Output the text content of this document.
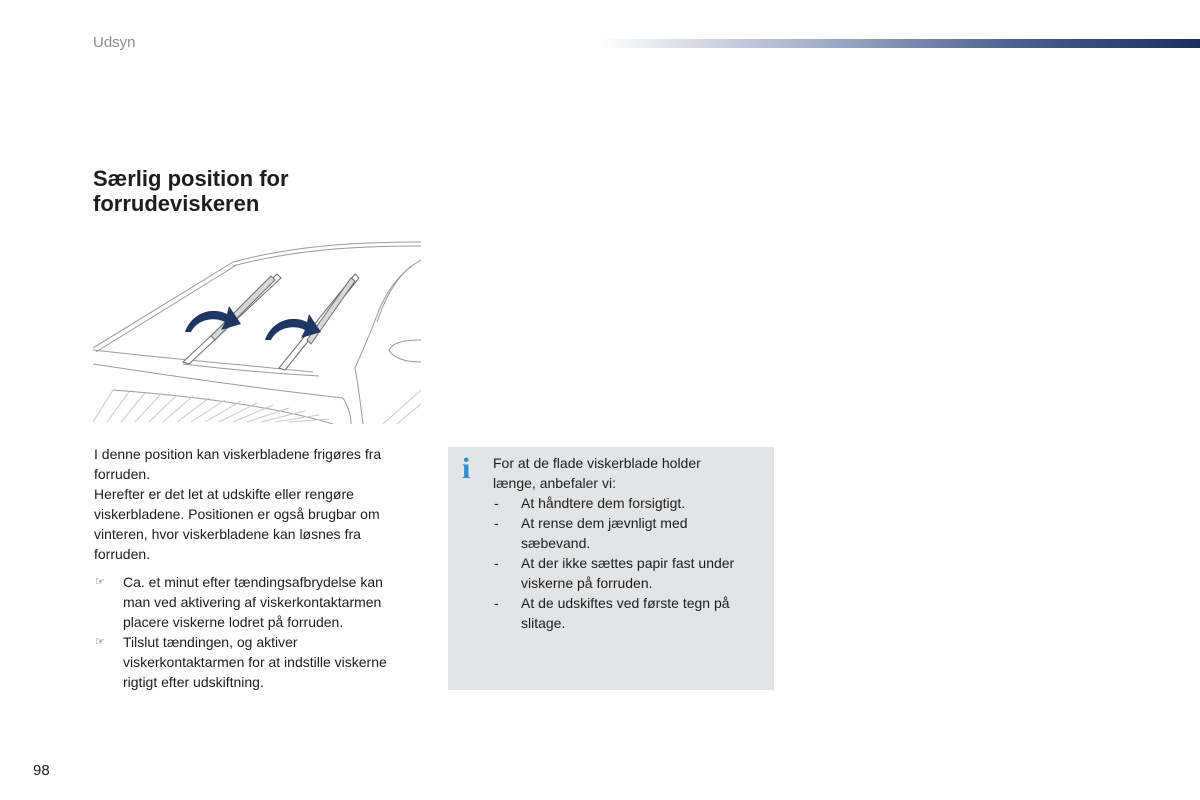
Udsyn
Særlig position for
forrudeviskeren

I denne position kan viskerbladene frigøres fra
forruden.
Herefter er det let at udskifte eller rengøre
viskerbladene. Positionen er også brugbar om
vinteren, hvor viskerbladene kan løsnes fra
forruden.

☞ Ca. et minut efter tændingsafbrydelse kan
man ved aktivering af viskerkontaktarmen
placere viskerne lodret på forruden.
☞ Tilslut tændingen, og aktiver
viskerkontaktarmen for at indstille viskerne
rigtigt efter udskiftning.
i For at de flade viskerblade holder
længe, anbefaler vi:

- At håndtere dem forsigtigt.
- At rense dem jævnligt med
sæbevand.
- At der ikke sættes papir fast under
viskerne på forruden.
- At de udskiftes ved første tegn på
slitage.
98
